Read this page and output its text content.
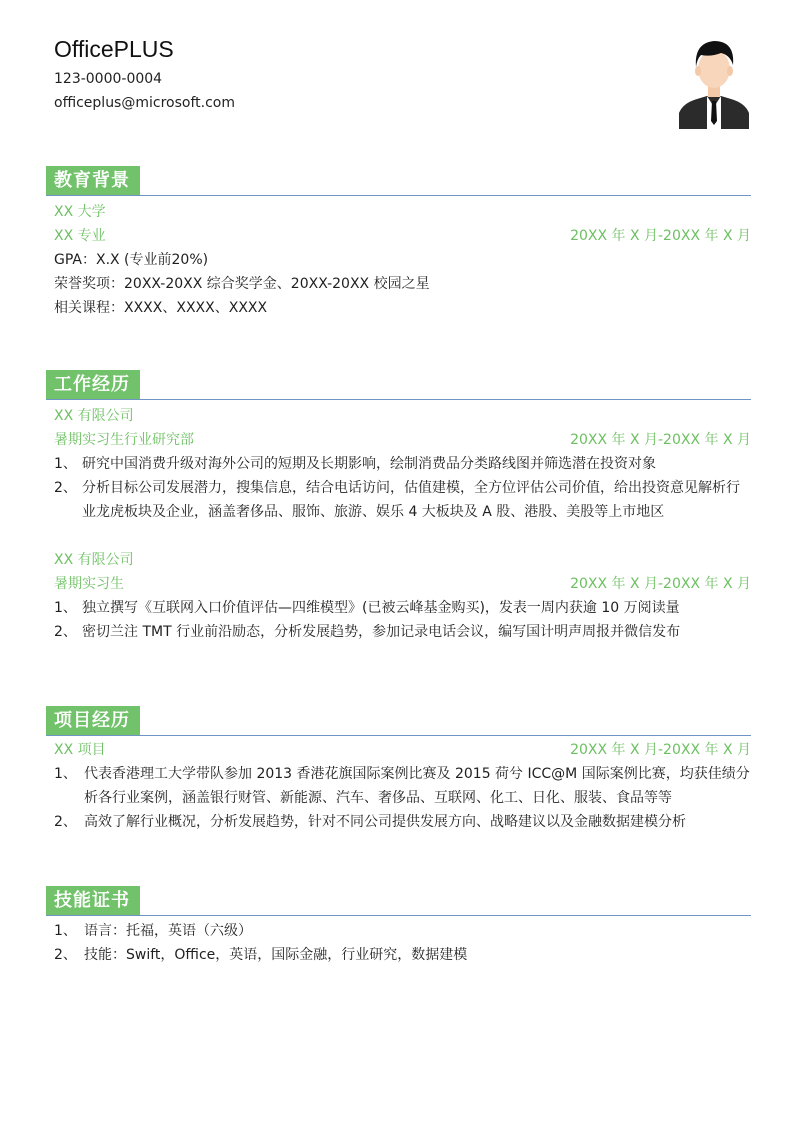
OfficePLUS
123-0000-0004
officeplus@microsoft.com
教育背景
XX 大学
XX 专业	20XX 年 X 月-20XX 年 X 月
GPA：X.X (专业前20%)
荣誉奖项：20XX-20XX 综合奖学金、20XX-20XX 校园之星
相关课程：XXXX、XXXX、XXXX
工作经历
XX 有限公司
暑期实习生行业研究部	20XX 年 X 月-20XX 年 X 月
1、 研究中国消费升级对海外公司的短期及长期影响，绘制消费品分类路线图并筛选潜在投资对象
2、 分析目标公司发展潜力，搜集信息，结合电话访问，估值建模，全方位评估公司价值，给出投资意见解析行业龙虎板块及企业，涵盖奢侈品、服饰、旅游、娱乐 4 大板块及 A 股、港股、美股等上市地区
XX 有限公司
暑期实习生	20XX 年 X 月-20XX 年 X 月
1、 独立撰写《互联网入口价值评估—四维模型》(已被云峰基金购买)，发表一周内获逾 10 万阅读量
2、 密切兰注 TMT 行业前沿励态，分析发展趋势，参加记录电话会议，编写国计明声周报并微信发布
项目经历
XX 项目	20XX 年 X 月-20XX 年 X 月
1、 代表香港理工大学带队参加 2013 香港花旗国际案例比赛及 2015 荷兮 ICC@M 国际案例比赛，均获佳绩分析各行业案例，涵盖银行财管、新能源、汽车、奢侈品、互联网、化工、日化、服装、食品等等
2、 高效了解行业概况，分析发展趋势，针对不同公司提供发展方向、战略建议以及金融数据建模分析
技能证书
1、 语言：托福，英语（六级）
2、 技能：Swift，Office，英语，国际金融，行业研究，数据建模
